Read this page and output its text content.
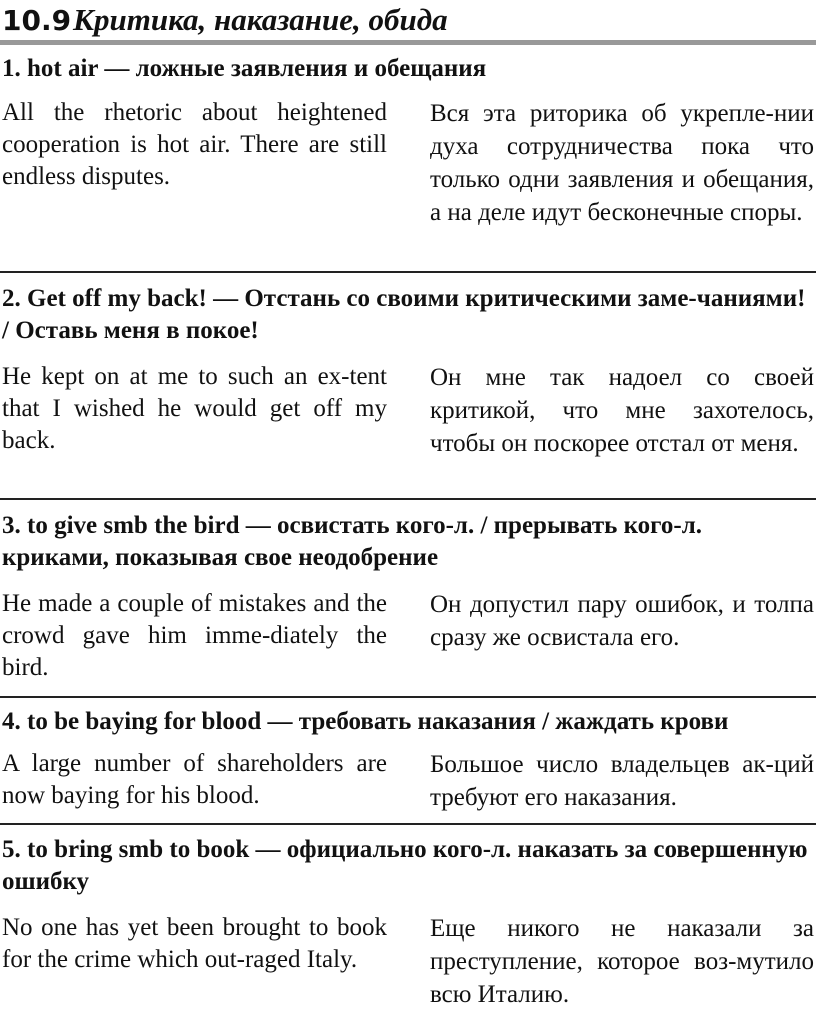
10.9 Критика, наказание, обида
1. hot air — ложные заявления и обещания
All the rhetoric about heightened cooperation is hot air. There are still endless disputes.
Вся эта риторика об укрепле-нии духа сотрудничества пока что только одни заявления и обещания, а на деле идут бесконечные споры.
2. Get off my back! — Отстань со своими критическими заме-чаниями! / Оставь меня в покое!
He kept on at me to such an ex-tent that I wished he would get off my back.
Он мне так надоел со своей критикой, что мне захотелось, чтобы он поскорее отстал от меня.
3. to give smb the bird — освистать кого-л. / прерывать кого-л. криками, показывая свое неодобрение
He made a couple of mistakes and the crowd gave him imme-diately the bird.
Он допустил пару ошибок, и толпа сразу же освистала его.
4. to be baying for blood — требовать наказания / жаждать крови
A large number of shareholders are now baying for his blood.
Большое число владельцев ак-ций требуют его наказания.
5. to bring smb to book — официально кого-л. наказать за совершенную ошибку
No one has yet been brought to book for the crime which out-raged Italy.
Еще никого не наказали за преступление, которое воз-мутило всю Италию.
